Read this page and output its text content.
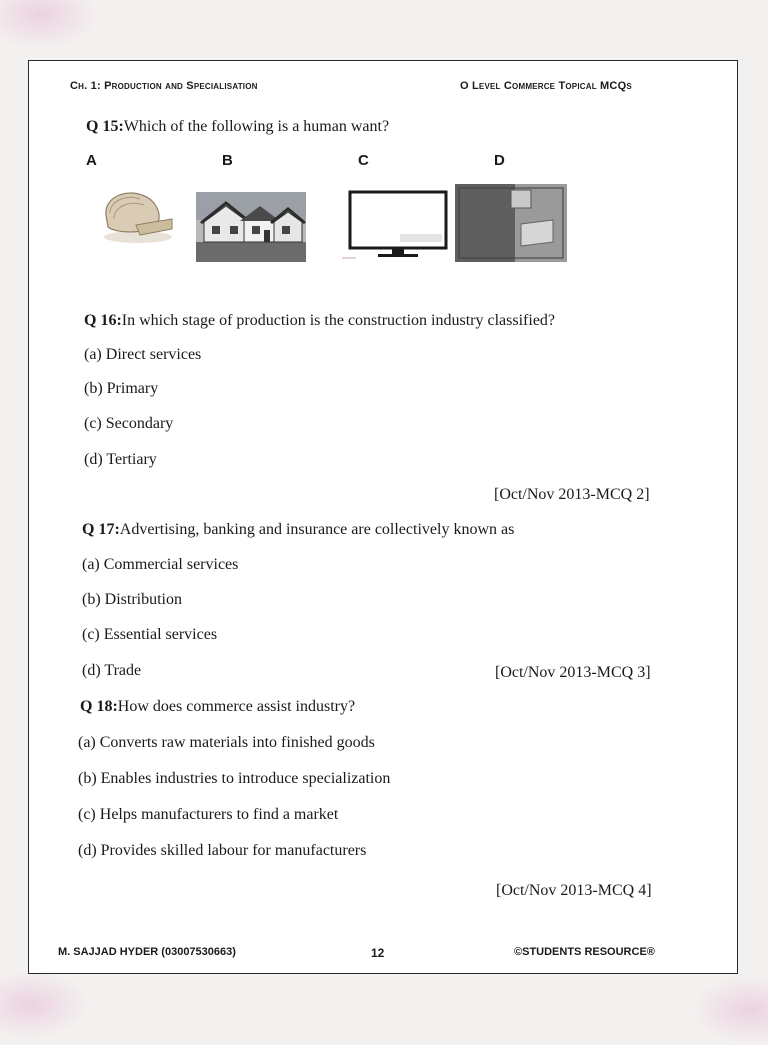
Ch. 1: Production and Specialisation	O Level Commerce Topical MCQs
Q 15:Which of the following is a human want?
A	B	C	D
Q 16:In which stage of production is the construction industry classified?
(a) Direct services
(b) Primary
(c) Secondary
(d) Tertiary
[Oct/Nov 2013-MCQ 2]
Q 17:Advertising, banking and insurance are collectively known as
(a) Commercial services
(b) Distribution
(c) Essential services
(d) Trade	[Oct/Nov 2013-MCQ 3]
Q 18:How does commerce assist industry?
(a) Converts raw materials into finished goods
(b) Enables industries to introduce specialization
(c) Helps manufacturers to find a market
(d) Provides skilled labour for manufacturers
[Oct/Nov 2013-MCQ 4]
M. SAJJAD HYDER (03007530663)	12	©STUDENTS RESOURCE®
